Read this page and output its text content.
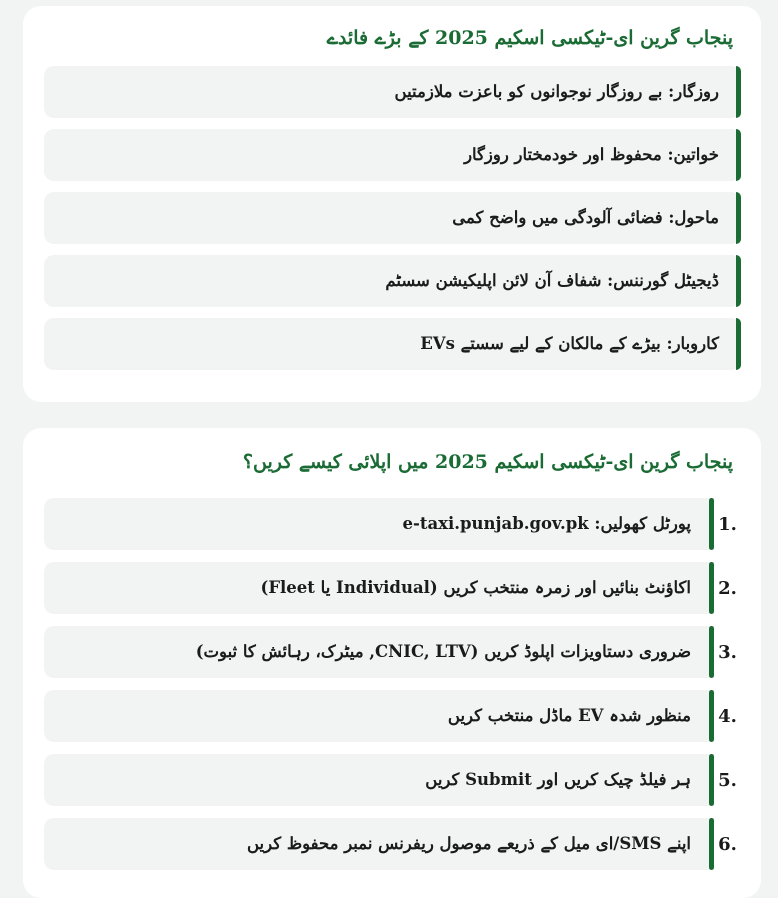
پنجاب گرین ای-ٹیکسی اسکیم 2025 کے بڑے فائدے
روزگار: بے روزگار نوجوانوں کو باعزت ملازمتیں
خواتین: محفوظ اور خودمختار روزگار
ماحول: فضائی آلودگی میں واضح کمی
ڈیجیٹل گورننس: شفاف آن لائن اپلیکیشن سسٹم
کاروبار: بیڑے کے مالکان کے لیے سستے EVs
پنجاب گرین ای-ٹیکسی اسکیم 2025 میں اپلائی کیسے کریں؟
1.
پورٹل کھولیں: e-taxi.punjab.gov.pk
2.
اکاؤنٹ بنائیں اور زمرہ منتخب کریں (Individual یا Fleet)
3.
ضروری دستاویزات اپلوڈ کریں (CNIC, LTV, میٹرک، رہائش کا ثبوت)
4.
منظور شدہ EV ماڈل منتخب کریں
5.
ہر فیلڈ چیک کریں اور Submit کریں
6.
اپنے SMS/ای میل کے ذریعے موصول ریفرنس نمبر محفوظ کریں
